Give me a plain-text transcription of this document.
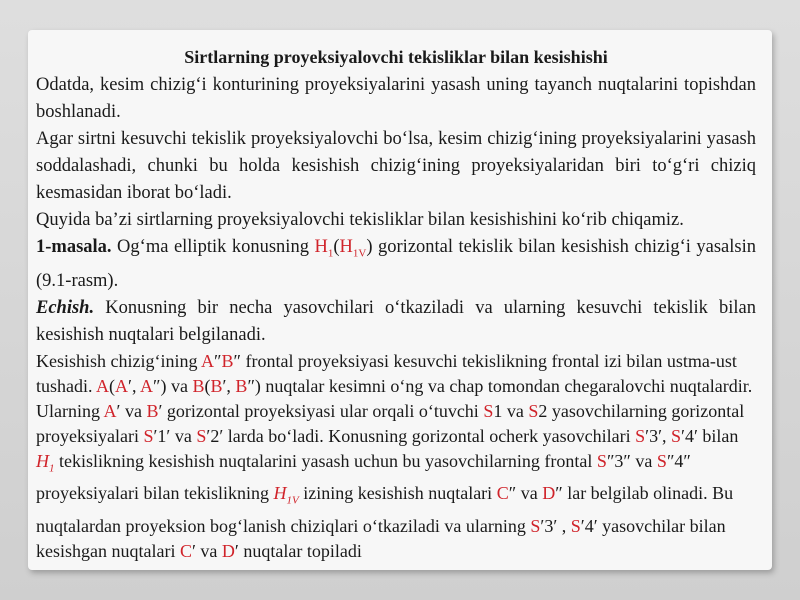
Sirtlarning proyeksiyalovchi tekisliklar bilan kesishishi

Odatda, kesim chizig‘i konturining proyeksiyalarini yasash uning tayanch nuqtalarini topishdan boshlanadi.

Agar sirtni kesuvchi tekislik proyeksiyalovchi bo‘lsa, kesim chizig‘ining proyeksiyalarini yasash soddalashadi, chunki bu holda kesishish chizig‘ining proyeksiyalaridan biri to‘g‘ri chiziq kesmasidan iborat bo‘ladi.

Quyida ba’zi sirtlarning proyeksiyalovchi tekisliklar bilan kesishishini ko‘rib chiqamiz.

1-masala. Og‘ma elliptik konusning $H_1(H_{1V})$ gorizontal tekislik bilan kesishish chizig‘i yasalsin (9.1-rasm).

Echish. Konusning bir necha yasovchilari o‘tkaziladi va ularning kesuvchi tekislik bilan kesishish nuqtalari belgilanadi.

Kesishish chizig‘ining A″B″ frontal proyeksiyasi kesuvchi tekislikning frontal izi bilan ustma-ust tushadi. A(A′, A″) va B(B′, B″) nuqtalar kesimni o‘ng va chap tomondan chegaralovchi nuqtalardir. Ularning A′ va B′ gorizontal proyeksiyasi ular orqali o‘tuvchi S1 va S2 yasovchilarning gorizontal proyeksiyalari S′1′ va S′2′ larda bo‘ladi. Konusning gorizontal ocherk yasovchilari S′3′, S′4′ bilan $H_1$ tekislikning kesishish nuqtalarini yasash uchun bu yasovchilarning frontal S″3″ va S″4″ proyeksiyalari bilan tekislikning $H_{1V}$ izining kesishish nuqtalari C″ va D″ lar belgilab olinadi. Bu nuqtalardan proyeksion bog‘lanish chiziqlari o‘tkaziladi va ularning S′3′ , S′4′ yasovchilar bilan kesishgan nuqtalari C′ va D′ nuqtalar topiladi
